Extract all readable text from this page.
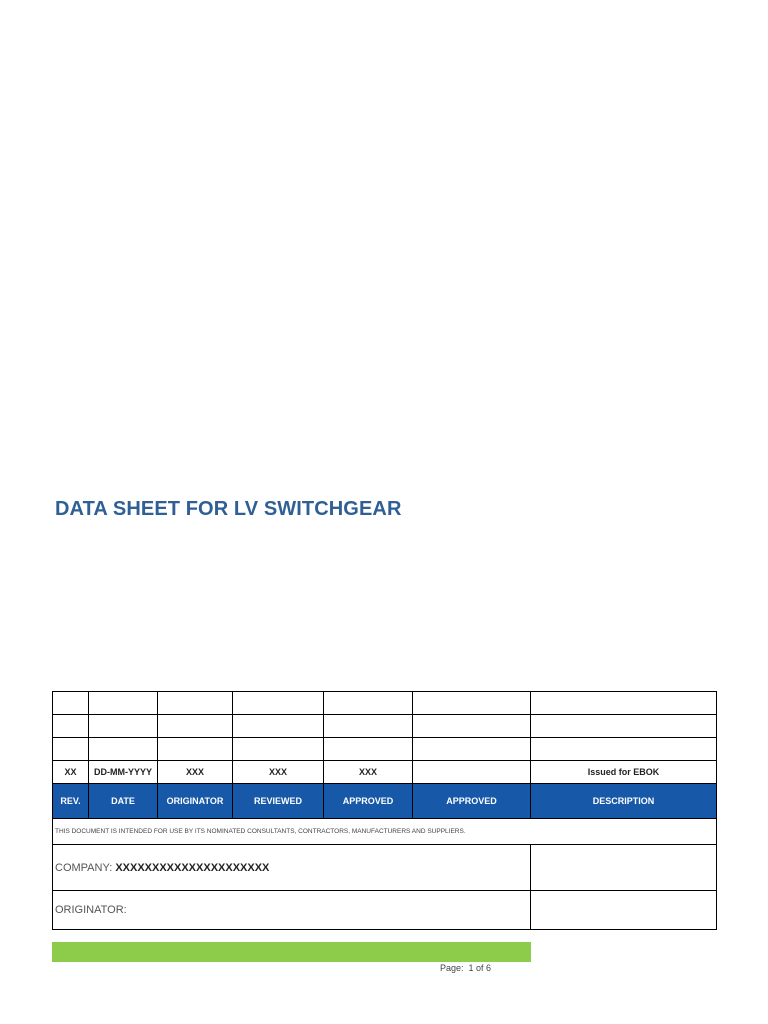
DATA SHEET FOR LV SWITCHGEAR

XX	DD-MM-YYYY	XXX	XXX	XXX		Issued for EBOK
REV.	DATE	ORIGINATOR	REVIEWED	APPROVED	APPROVED	DESCRIPTION
THIS DOCUMENT IS INTENDED FOR USE BY ITS NOMINATED CONSULTANTS, CONTRACTORS, MANUFACTURERS AND SUPPLIERS.						
COMPANY: XXXXXXXXXXXXXXXXXXXXX						
ORIGINATOR:						
Page: 1 of 6
